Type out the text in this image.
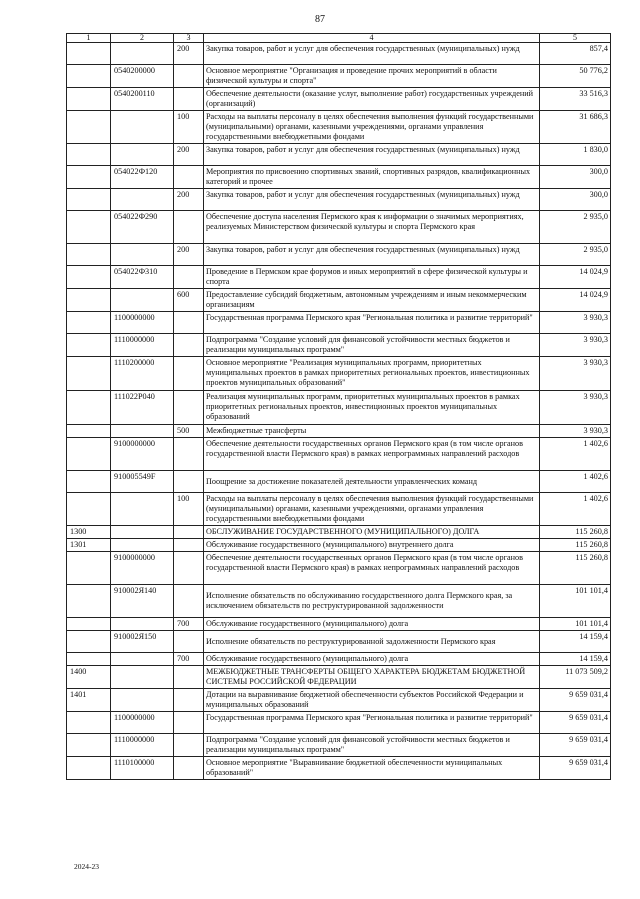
87
1	2	3	4	5
		200	Закупка товаров, работ и услуг для обеспечения государственных (муниципальных) нужд	857,4
	0540200000		Основное мероприятие "Организация и проведение прочих мероприятий в области физической культуры и спорта"	50 776,2
	0540200110		Обеспечение деятельности (оказание услуг, выполнение работ) государственных учреждений (организаций)	33 516,3
		100	Расходы на выплаты персоналу в целях обеспечения выполнения функций государственными (муниципальными) органами, казенными учреждениями, органами управления государственными внебюджетными фондами	31 686,3
		200	Закупка товаров, работ и услуг для обеспечения государственных (муниципальных) нужд	1 830,0
	054022Ф120		Мероприятия по присвоению спортивных званий, спортивных разрядов, квалификационных категорий и прочее	300,0
		200	Закупка товаров, работ и услуг для обеспечения государственных (муниципальных) нужд	300,0
	054022Ф290		Обеспечение доступа населения Пермского края к информации о значимых мероприятиях, реализуемых Министерством физической культуры и спорта Пермского края	2 935,0
		200	Закупка товаров, работ и услуг для обеспечения государственных (муниципальных) нужд	2 935,0
	054022Ф310		Проведение в Пермском крае форумов и иных мероприятий в сфере физической культуры и спорта	14 024,9
		600	Предоставление субсидий бюджетным, автономным учреждениям и иным некоммерческим организациям	14 024,9
	1100000000		Государственная программа Пермского края "Региональная политика и развитие территорий"	3 930,3
	1110000000		Подпрограмма "Создание условий для финансовой устойчивости местных бюджетов и реализации муниципальных программ"	3 930,3
	1110200000		Основное мероприятие "Реализация муниципальных программ, приоритетных муниципальных проектов в рамках приоритетных региональных проектов, инвестиционных проектов муниципальных образований"	3 930,3
	111022Р040		Реализация муниципальных программ, приоритетных муниципальных проектов в рамках приоритетных региональных проектов, инвестиционных проектов муниципальных образований	3 930,3
		500	Межбюджетные трансферты	3 930,3
	9100000000		Обеспечение деятельности государственных органов Пермского края (в том числе органов государственной власти Пермского края) в рамках непрограммных направлений расходов	1 402,6
	910005549F		Поощрение за достижение показателей деятельности управленческих команд	1 402,6
		100	Расходы на выплаты персоналу в целях обеспечения выполнения функций государственными (муниципальными) органами, казенными учреждениями, органами управления государственными внебюджетными фондами	1 402,6
1300			ОБСЛУЖИВАНИЕ ГОСУДАРСТВЕННОГО (МУНИЦИПАЛЬНОГО) ДОЛГА	115 260,8
1301			Обслуживание государственного (муниципального) внутреннего долга	115 260,8
	9100000000		Обеспечение деятельности государственных органов Пермского края (в том числе органов государственной власти Пермского края) в рамках непрограммных направлений расходов	115 260,8
	910002Я140		Исполнение обязательств по обслуживанию государственного долга Пермского края, за исключением обязательств по реструктурированной задолженности	101 101,4
		700	Обслуживание государственного (муниципального) долга	101 101,4
	910002Я150		Исполнение обязательств по реструктурированной задолженности Пермского края	14 159,4
		700	Обслуживание государственного (муниципального) долга	14 159,4
1400			МЕЖБЮДЖЕТНЫЕ ТРАНСФЕРТЫ ОБЩЕГО ХАРАКТЕРА БЮДЖЕТАМ БЮДЖЕТНОЙ СИСТЕМЫ РОССИЙСКОЙ ФЕДЕРАЦИИ	11 073 509,2
1401			Дотации на выравнивание бюджетной обеспеченности субъектов Российской Федерации и муниципальных образований	9 659 031,4
	1100000000		Государственная программа Пермского края "Региональная политика и развитие территорий"	9 659 031,4
	1110000000		Подпрограмма "Создание условий для финансовой устойчивости местных бюджетов и реализации муниципальных программ"	9 659 031,4
	1110100000		Основное мероприятие "Выравнивание бюджетной обеспеченности муниципальных образований"	9 659 031,4
2024-23
